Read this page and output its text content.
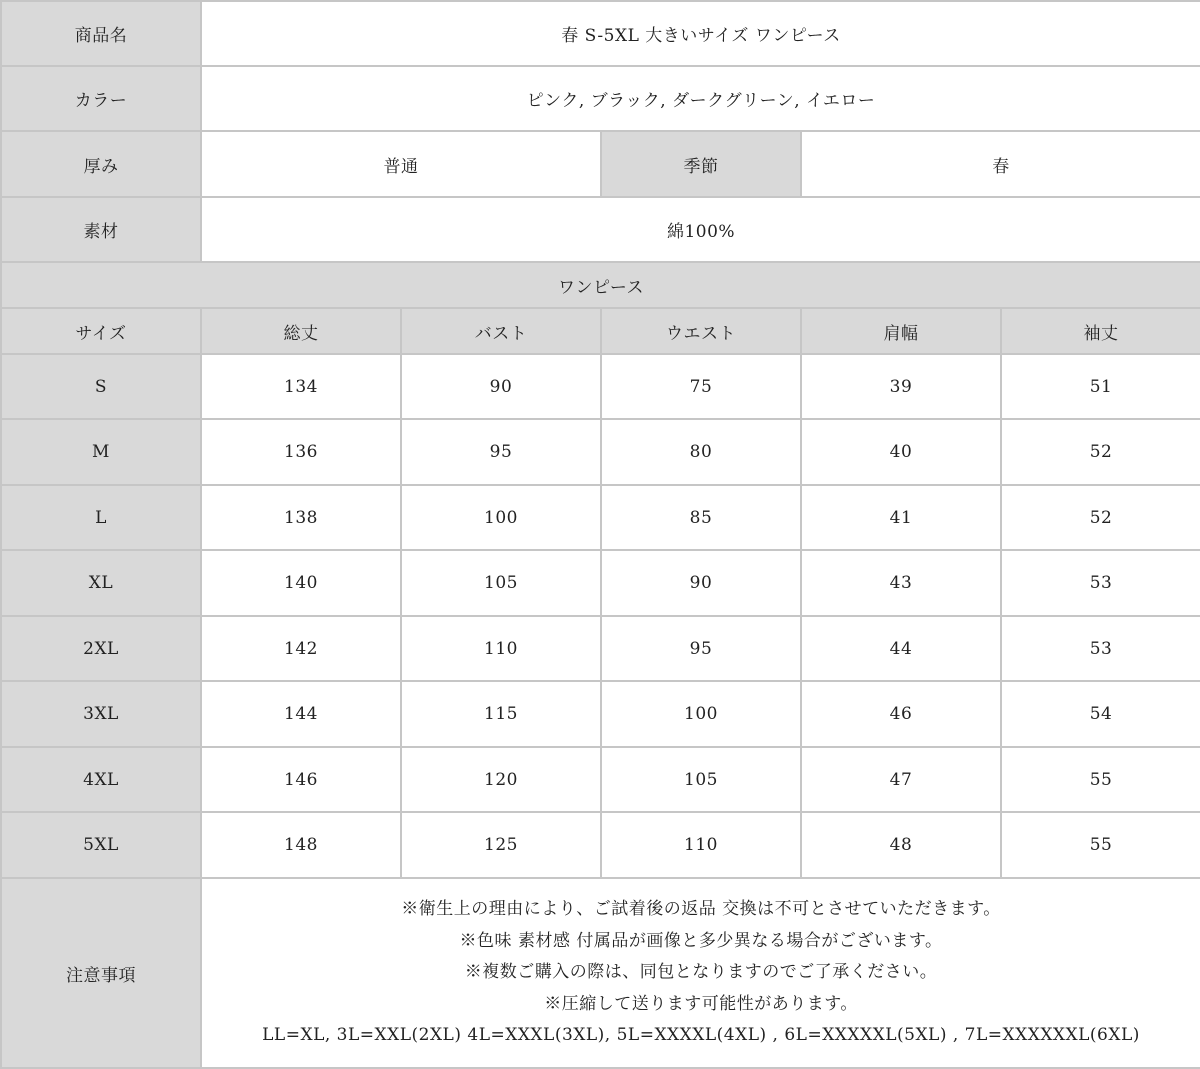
商品名	春 S-5XL 大きいサイズ ワンピース				
カラー	ピンク, ブラック, ダークグリーン, イエロー				
厚み	普通		季節	春	
素材	綿100%				
ワンピース					
サイズ	総丈	バスト	ウエスト	肩幅	袖丈
S	134	90	75	39	51
M	136	95	80	40	52
L	138	100	85	41	52
XL	140	105	90	43	53
2XL	142	110	95	44	53
3XL	144	115	100	46	54
4XL	146	120	105	47	55
5XL	148	125	110	48	55
注意事項	※衛生上の理由により、ご試着後の返品 交換は不可とさせていただきます。

※色味 素材感 付属品が画像と多少異なる場合がございます。

※複数ご購入の際は、同包となりますのでご了承ください。

※圧縮して送ります可能性があります。

LL=XL, 3L=XXL(2XL) 4L=XXXL(3XL), 5L=XXXXL(4XL) , 6L=XXXXXL(5XL) , 7L=XXXXXXL(6XL)				
